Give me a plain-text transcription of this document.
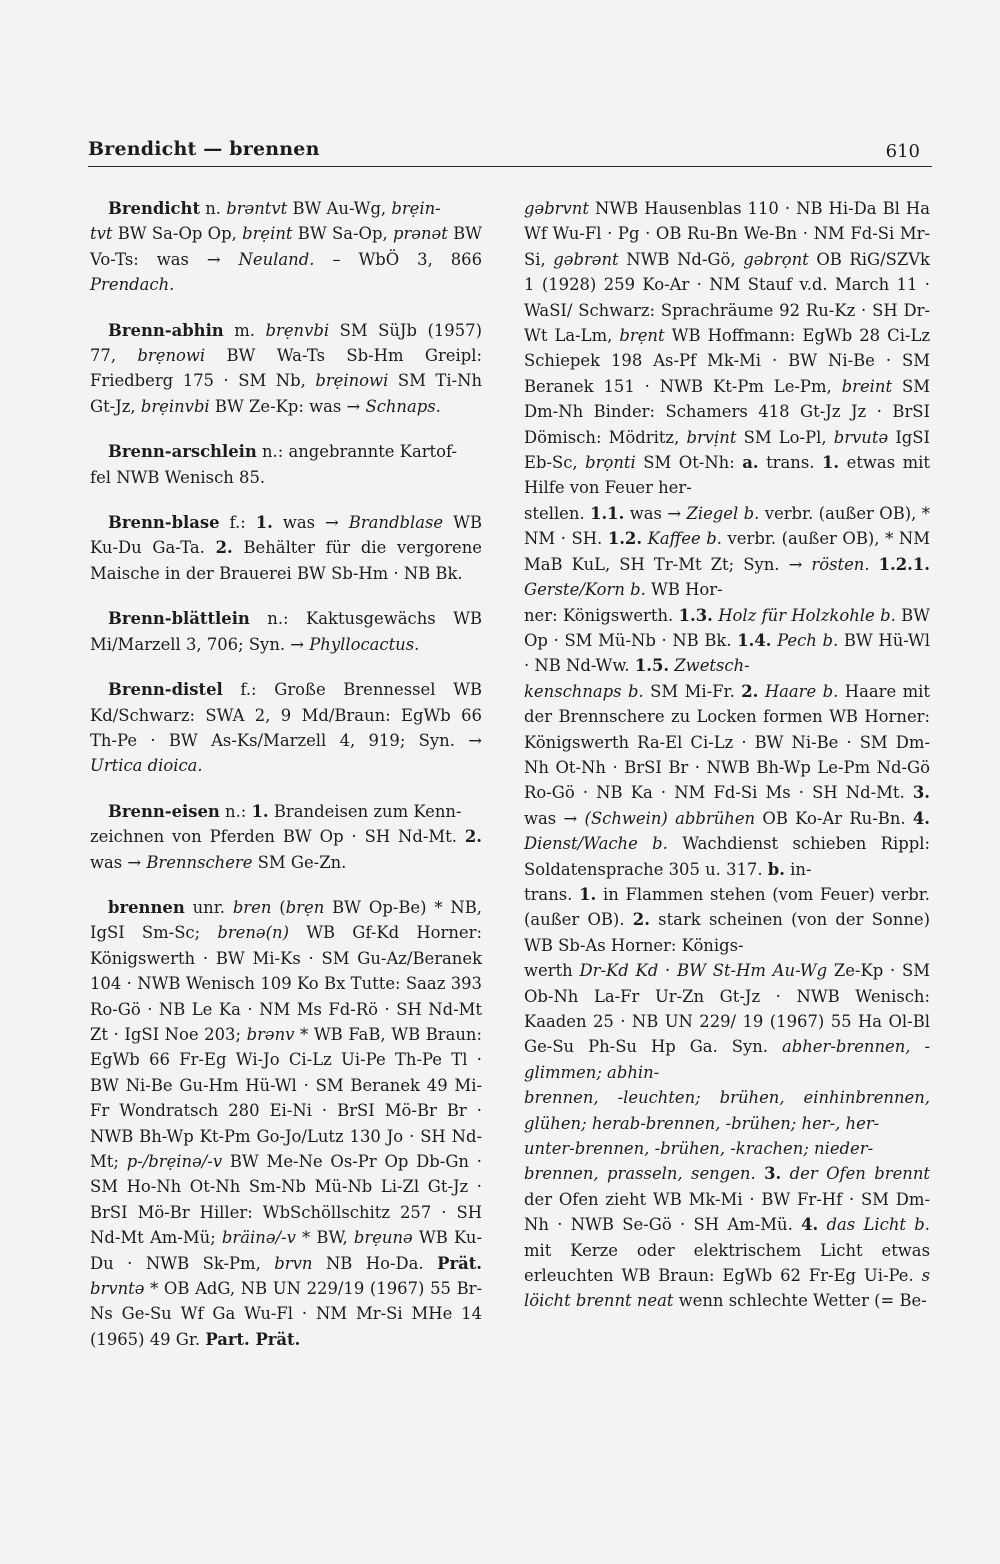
Brendicht — brennen	610

Brendicht n. brəntvt BW Au-Wg, brẹin-
tvt BW Sa-Op Op, brẹint BW Sa-Op, prənət BW Vo-Ts: was → Neuland. – WbÖ 3, 866 Prendach.

Brenn-abhin m. brẹnvbi SM SüJb (1957) 77, brẹnowi BW Wa-Ts Sb-Hm Greipl: Friedberg 175 · SM Nb, brẹinowi SM Ti-Nh Gt-Jz, brẹinvbi BW Ze-Kp: was → Schnaps.

Brenn-arschlein n.: angebrannte Kartof-
fel NWB Wenisch 85.

Brenn-blase f.: 1. was → Brandblase WB Ku-Du Ga-Ta. 2. Behälter für die vergorene Maische in der Brauerei BW Sb-Hm · NB Bk.

Brenn-blättlein n.: Kaktusgewächs WB Mi/Marzell 3, 706; Syn. → Phyllocactus.

Brenn-distel f.: Große Brennessel WB Kd/Schwarz: SWA 2, 9 Md/Braun: EgWb 66 Th-Pe · BW As-Ks/Marzell 4, 919; Syn. → Urtica dioica.

Brenn-eisen n.: 1. Brandeisen zum Kenn-
zeichnen von Pferden BW Op · SH Nd-Mt. 2. was → Brennschere SM Ge-Zn.

brennen unr. bren (brẹn BW Op-Be) * NB, IgSI Sm-Sc; brenə(n) WB Gf-Kd Horner: Königswerth · BW Mi-Ks · SM Gu-Az/Beranek 104 · NWB Wenisch 109 Ko Bx Tutte: Saaz 393 Ro-Gö · NB Le Ka · NM Ms Fd-Rö · SH Nd-Mt Zt · IgSI Noe 203; brənv * WB FaB, WB Braun: EgWb 66 Fr-Eg Wi-Jo Ci-Lz Ui-Pe Th-Pe Tl · BW Ni-Be Gu-Hm Hü-Wl · SM Beranek 49 Mi-Fr Wondratsch 280 Ei-Ni · BrSI Mö-Br Br · NWB Bh-Wp Kt-Pm Go-Jo/Lutz 130 Jo · SH Nd-Mt; p-/brẹinə/-v BW Me-Ne Os-Pr Op Db-Gn · SM Ho-Nh Ot-Nh Sm-Nb Mü-Nb Li-Zl Gt-Jz · BrSI Mö-Br Hiller: WbSchöllschitz 257 · SH Nd-Mt Am-Mü; bräinə/-v * BW, brẹunə WB Ku-Du · NWB Sk-Pm, brvn NB Ho-Da. Prät. brvntə * OB AdG, NB UN 229/19 (1967) 55 Br-Ns Ge-Su Wf Ga Wu-Fl · NM Mr-Si MHe 14 (1965) 49 Gr. Part. Prät.

gəbrvnt NWB Hausenblas 110 · NB Hi-Da Bl Ha Wf Wu-Fl · Pg · OB Ru-Bn We-Bn · NM Fd-Si Mr-Si, gəbrənt NWB Nd-Gö, gəbrọnt OB RiG/SZVk 1 (1928) 259 Ko-Ar · NM Stauf v.d. March 11 · WaSI/ Schwarz: Sprachräume 92 Ru-Kz · SH Dr-Wt La-Lm, brẹnt WB Hoffmann: EgWb 28 Ci-Lz Schiepek 198 As-Pf Mk-Mi · BW Ni-Be · SM Beranek 151 · NWB Kt-Pm Le-Pm, breint SM Dm-Nh Binder: Schamers 418 Gt-Jz Jz · BrSI Dömisch: Mödritz, brvịnt SM Lo-Pl, brvutə IgSI Eb-Sc, brọnti SM Ot-Nh: a. trans. 1. etwas mit Hilfe von Feuer her-
stellen. 1.1. was → Ziegel b. verbr. (außer OB), * NM · SH. 1.2. Kaffee b. verbr. (außer OB), * NM MaB KuL, SH Tr-Mt Zt; Syn. → rösten. 1.2.1. Gerste/Korn b. WB Hor-
ner: Königswerth. 1.3. Holz für Holzkohle b. BW Op · SM Mü-Nb · NB Bk. 1.4. Pech b. BW Hü-Wl · NB Nd-Ww. 1.5. Zwetsch-
kenschnaps b. SM Mi-Fr. 2. Haare b. Haare mit der Brennschere zu Locken formen WB Horner: Königswerth Ra-El Ci-Lz · BW Ni-Be · SM Dm-Nh Ot-Nh · BrSI Br · NWB Bh-Wp Le-Pm Nd-Gö Ro-Gö · NB Ka · NM Fd-Si Ms · SH Nd-Mt. 3. was → (Schwein) abbrühen OB Ko-Ar Ru-Bn. 4. Dienst/Wache b. Wachdienst schieben Rippl: Soldatensprache 305 u. 317. b. in-
trans. 1. in Flammen stehen (vom Feuer) verbr. (außer OB). 2. stark scheinen (von der Sonne) WB Sb-As Horner: Königs-
werth Dr-Kd Kd · BW St-Hm Au-Wg Ze-Kp · SM Ob-Nh La-Fr Ur-Zn Gt-Jz · NWB Wenisch: Kaaden 25 · NB UN 229/ 19 (1967) 55 Ha Ol-Bl Ge-Su Ph-Su Hp Ga. Syn. abher-brennen, -glimmen; abhin-
brennen, -leuchten; brühen, einhinbrennen, glühen; herab-brennen, -brühen; her-, her-
unter-brennen, -brühen, -krachen; nieder-
brennen, prasseln, sengen. 3. der Ofen brennt der Ofen zieht WB Mk-Mi · BW Fr-Hf · SM Dm-Nh · NWB Se-Gö · SH Am-Mü. 4. das Licht b. mit Kerze oder elektrischem Licht etwas erleuchten WB Braun: EgWb 62 Fr-Eg Ui-Pe. s löicht brennt neat wenn schlechte Wetter (= Be-
